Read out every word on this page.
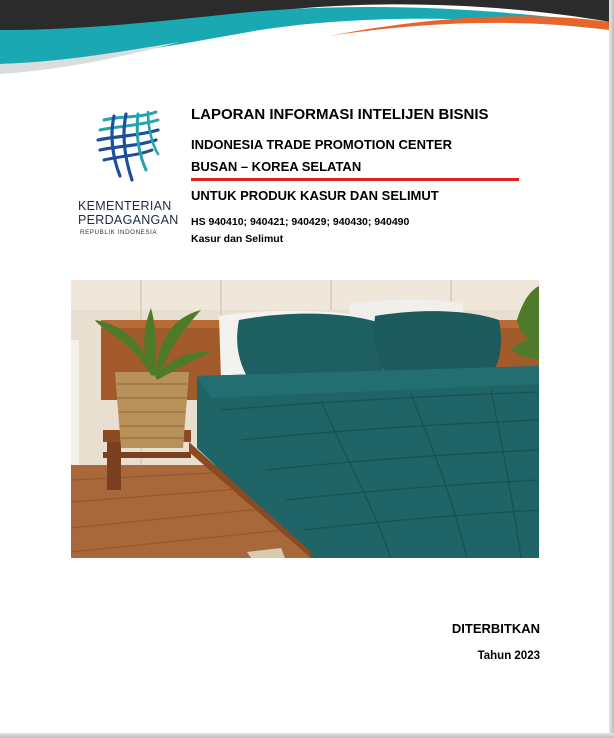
KEMENTERIAN
PERDAGANGAN
REPUBLIK INDONESIA
LAPORAN INFORMASI INTELIJEN BISNIS
INDONESIA TRADE PROMOTION CENTER
BUSAN – KOREA SELATAN
UNTUK PRODUK KASUR DAN SELIMUT
HS 940410; 940421; 940429; 940430; 940490
Kasur dan Selimut
DITERBITKAN
Tahun 2023
